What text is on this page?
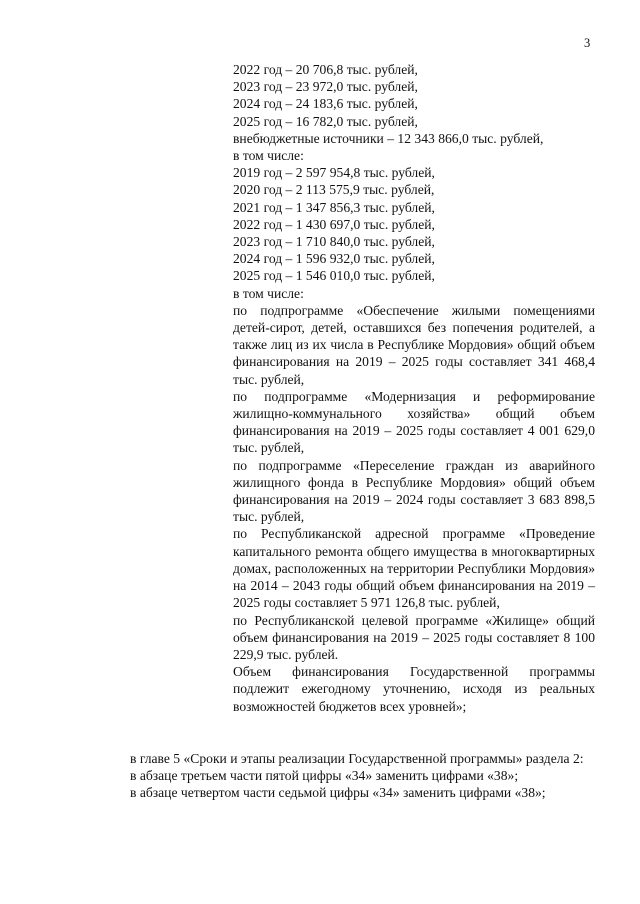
3
2022 год – 20 706,8 тыс. рублей,
2023 год – 23 972,0 тыс. рублей,
2024 год – 24 183,6 тыс. рублей,
2025 год – 16 782,0 тыс. рублей,
внебюджетные источники – 12 343 866,0 тыс. рублей,
в том числе:
2019 год – 2 597 954,8 тыс. рублей,
2020 год – 2 113 575,9 тыс. рублей,
2021 год – 1 347 856,3 тыс. рублей,
2022 год – 1 430 697,0 тыс. рублей,
2023 год – 1 710 840,0 тыс. рублей,
2024 год – 1 596 932,0 тыс. рублей,
2025 год – 1 546 010,0 тыс. рублей,
в том числе:
по подпрограмме «Обеспечение жилыми помещениями детей-сирот, детей, оставшихся без попечения родителей, а также лиц из их числа в Республике Мордовия» общий объем финансирования на 2019 – 2025 годы составляет 341 468,4 тыс. рублей,
по подпрограмме «Модернизация и реформирование жилищно-коммунального хозяйства» общий объем финансирования на 2019 – 2025 годы составляет 4 001 629,0 тыс. рублей,
по подпрограмме «Переселение граждан из аварийного жилищного фонда в Республике Мордовия» общий объем финансирования на 2019 – 2024 годы составляет 3 683 898,5 тыс. рублей,
по Республиканской адресной программе «Проведение капитального ремонта общего имущества в многоквартирных домах, расположенных на территории Республики Мордовия» на 2014 – 2043 годы общий объем финансирования на 2019 – 2025 годы составляет 5 971 126,8 тыс. рублей,
по Республиканской целевой программе «Жилище» общий объем финансирования на 2019 – 2025 годы составляет 8 100 229,9 тыс. рублей.
Объем финансирования Государственной программы подлежит ежегодному уточнению, исходя из реальных возможностей бюджетов всех уровней»;
в главе 5 «Сроки и этапы реализации Государственной программы» раздела 2:
в абзаце третьем части пятой цифры «34» заменить цифрами «38»;
в абзаце четвертом части седьмой цифры «34» заменить цифрами «38»;
